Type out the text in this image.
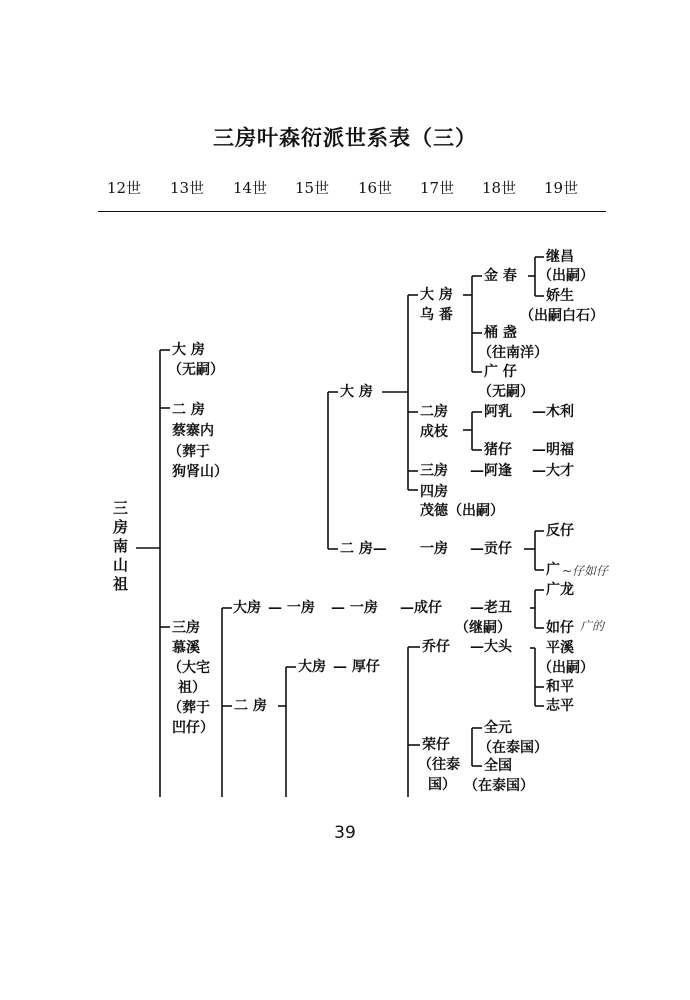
三房叶森衍派世系表（三）
12世 13世 14世 15世 16世 17世 18世 19世
三房南山祖
大 房
（无嗣）
二 房
蔡寨内
（葬于
狗肾山）
三房
慕溪
（大宅
祖）
（葬于
凹仔）
大房
二 房
— 一房 — 一房 —成仔 —老丑
（继嗣）
大房 — 厚仔
大 房
二 房—
大 房
乌 番
二房
成枝
三房
四房
茂德（出嗣）
一房
乔仔
荣仔
（往泰
国）
金 春
桶 盏
（往南洋）
广 仔
（无嗣）
阿乳
猪仔
—阿逢
—贡仔
—大头
全元
（在泰国）
全国
（在泰国）
继昌
（出嗣）
娇生
（出嗣白石）
—木利
—明福
—大才
反仔
广 ~仔如仔
广龙
如仔 广的
平溪
（出嗣）
和平
志平
39
